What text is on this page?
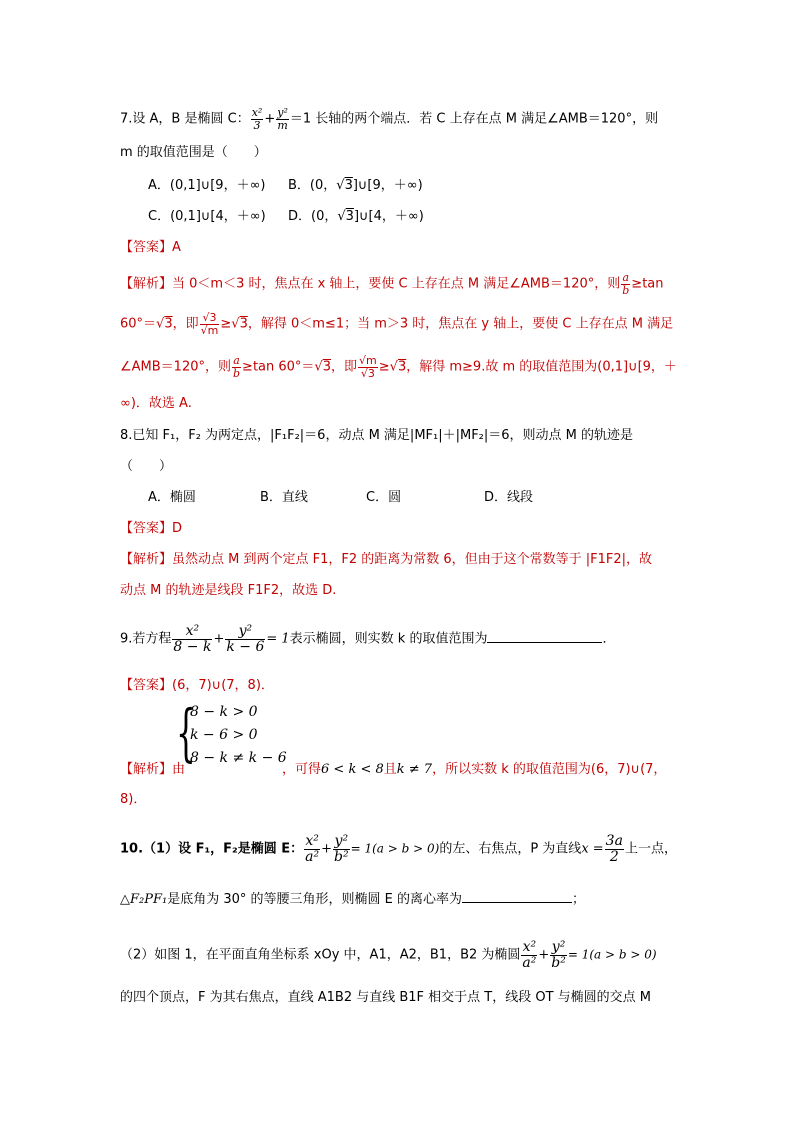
7.设 A，B 是椭圆 C： $\frac{\text{x²}}{3} + \frac{\text{y²}}{m} =1$ 长轴的两个端点．若 C 上存在点 M 满足∠AMB＝120°，则
m 的取值范围是（　　）
A．(0,1]∪[9，＋∞) B．(0，√3]∪[9，＋∞)
C．(0,1]∪[4，＋∞) D．(0，√3]∪[4，＋∞)
【答案】A
【解析】当 0＜m＜3 时，焦点在 x 轴上，要使 C 上存在点 M 满足∠AMB＝120°，则 $\frac{a}{b} \ge\tan$
60°＝√3，即 $\frac{√3}{√m} \ge√3$，解得 0＜m≤1；当 m＞3 时，焦点在 y 轴上，要使 C 上存在点 M 满足
∠AMB＝120°，则 $\frac{a}{b} \ge\tan$ 60°＝√3，即 $\frac{√m}{√3} \ge√3$，解得 m≥9.故 m 的取值范围为(0,1]∪[9，＋
∞)．故选 A.
8.已知 F₁，F₂ 为两定点，|F₁F₂|＝6，动点 M 满足|MF₁|＋|MF₂|＝6，则动点 M 的轨迹是
（　　）
A．椭圆	B．直线	C．圆	D．线段
【答案】D
【解析】虽然动点 M 到两个定点 F1，F2 的距离为常数 6，但由于这个常数等于 |F1F2|，故
动点 M 的轨迹是线段 F1F2，故选 D.
9.若方程 $\frac{\text{x²}}{8 - k} + \frac{\text{y²}}{k - 6} = 1$表示椭圆，则实数 k 的取值范围为	．
【答案】(6，7)∪(7，8)．
{
8 − k > 0
k − 6 > 0
8 − k ≠ k − 6
【解析】由	，可得6 < k < 8且k ≠ 7，所以实数 k 的取值范围为(6，7)∪(7，
8)．
10.（1）设 F₁，F₂是椭圆 E： $\frac{\text{x²}}{\text{a²}} + \frac{\text{y²}}{\text{b²}} = 1(a > b > 0)$的左、右焦点，P 为直线$x = \frac{3a}{2}$ 上一点，
△F₂PF₁是底角为 30° 的等腰三角形，则椭圆 E 的离心率为	；
（2）如图 1，在平面直角坐标系 xOy 中，A1，A2，B1，B2 为椭圆 $\frac{\text{x²}}{\text{a²}} + \frac{\text{y²}}{\text{b²}} = 1(a > b > 0)$
的四个顶点，F 为其右焦点，直线 A1B2 与直线 B1F 相交于点 T，线段 OT 与椭圆的交点 M
